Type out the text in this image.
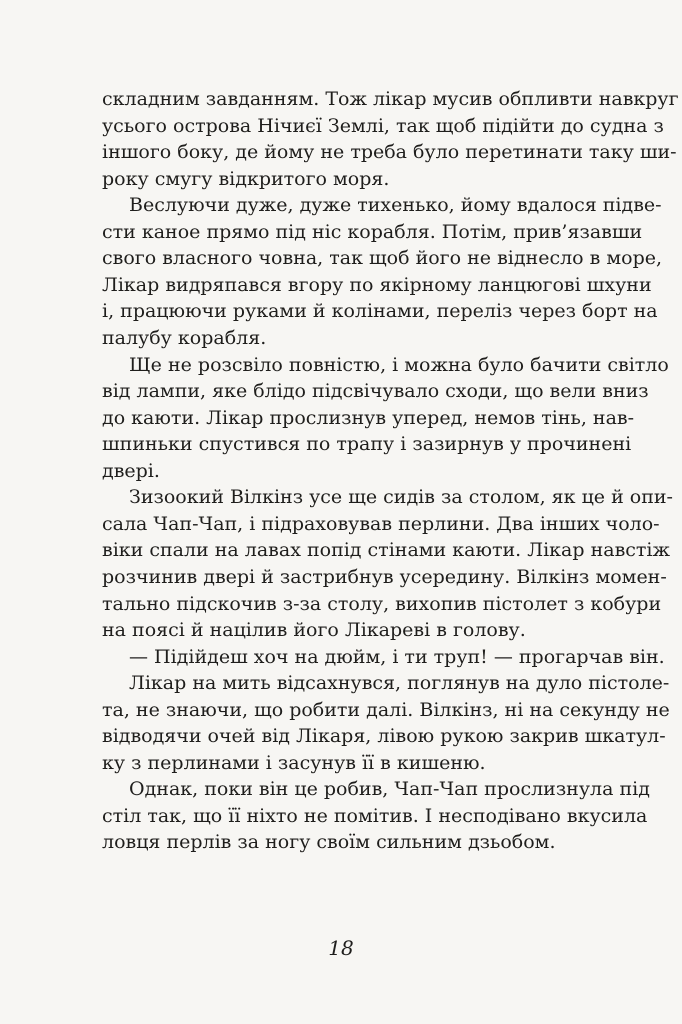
складним завданням. Тож лікар мусив обпливти навкруг
усього острова Нічиєї Землі, так щоб підійти до судна з
іншого боку, де йому не треба було перетинати таку ши-
року смугу відкритого моря.
Веслуючи дуже, дуже тихенько, йому вдалося підве-
сти каное прямо під ніс корабля. Потім, прив’язавши
свого власного човна, так щоб його не віднесло в море,
Лікар видряпався вгору по якірному ланцюгові шхуни
і, працюючи руками й колінами, переліз через борт на
палубу корабля.
Ще не розсвіло повністю, і можна було бачити світло
від лампи, яке блідо підсвічувало сходи, що вели вниз
до каюти. Лікар прослизнув уперед, немов тінь, нав-
шпиньки спустився по трапу і зазирнув у прочинені
двері.
Зизоокий Вілкінз усе ще сидів за столом, як це й опи-
сала Чап-Чап, і підраховував перлини. Два інших чоло-
віки спали на лавах попід стінами каюти. Лікар навстіж
розчинив двері й застрибнув усередину. Вілкінз момен-
тально підскочив з-за столу, вихопив пістолет з кобури
на поясі й націлив його Лікареві в голову.
— Підійдеш хоч на дюйм, і ти труп! — прогарчав він.
Лікар на мить відсахнувся, поглянув на дуло пістоле-
та, не знаючи, що робити далі. Вілкінз, ні на секунду не
відводячи очей від Лікаря, лівою рукою закрив шкатул-
ку з перлинами і засунув її в кишеню.
Однак, поки він це робив, Чап-Чап прослизнула під
стіл так, що її ніхто не помітив. І несподівано вкусила
ловця перлів за ногу своїм сильним дзьобом.
18
